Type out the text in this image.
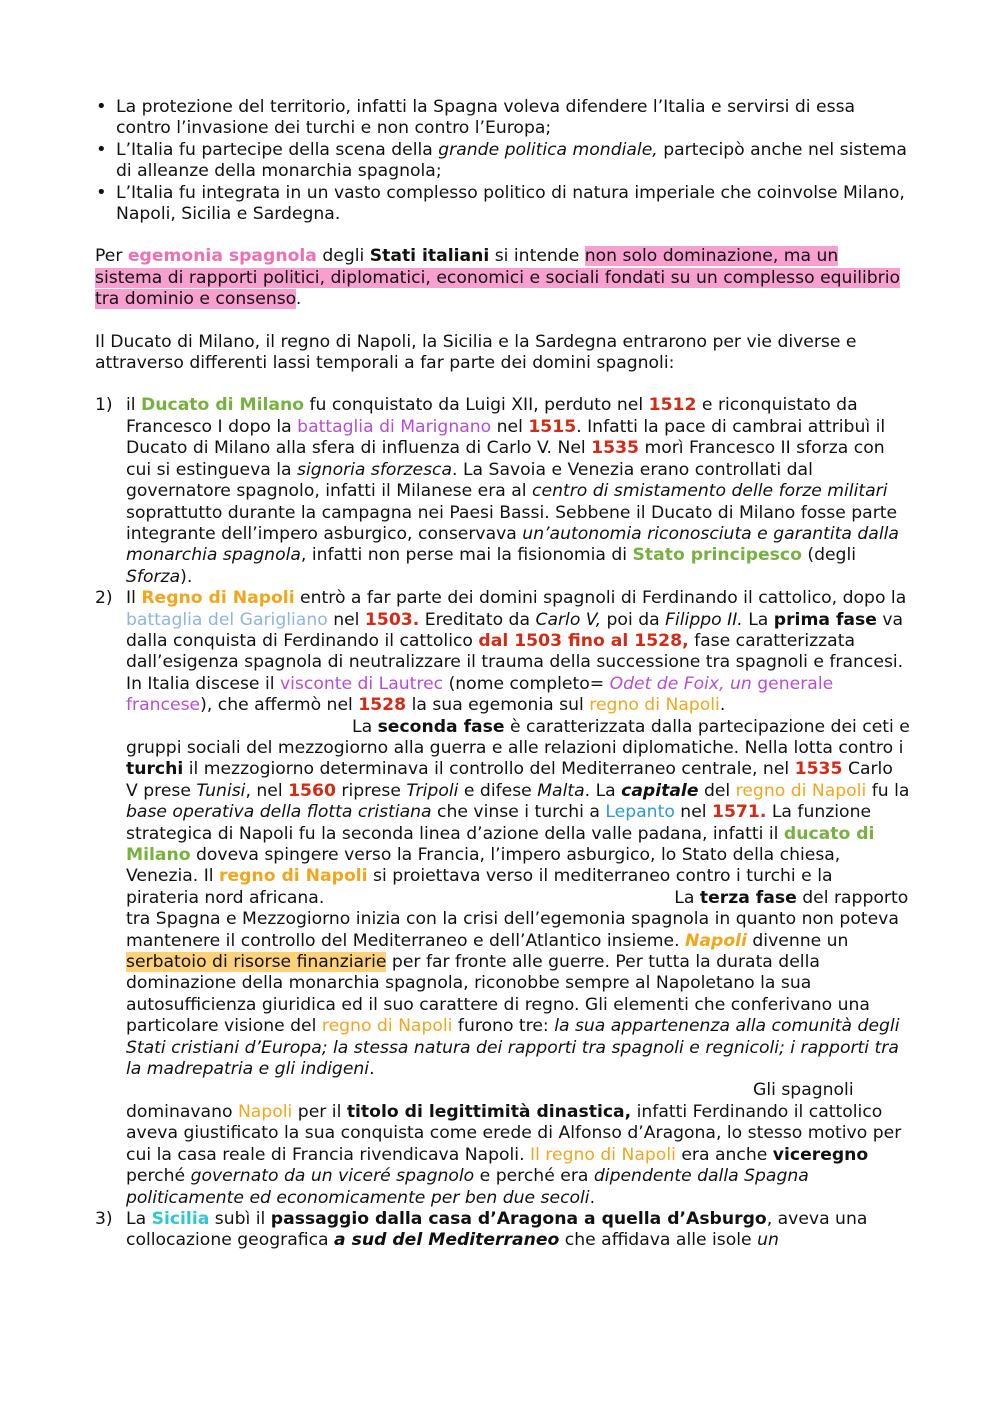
• La protezione del territorio, infatti la Spagna voleva difendere l’Italia e servirsi di essa contro l’invasione dei turchi e non contro l’Europa;
• L’Italia fu partecipe della scena della grande politica mondiale, partecipò anche nel sistema di alleanze della monarchia spagnola;
• L’Italia fu integrata in un vasto complesso politico di natura imperiale che coinvolse Milano, Napoli, Sicilia e Sardegna.

Per egemonia spagnola degli Stati italiani si intende non solo dominazione, ma un sistema di rapporti politici, diplomatici, economici e sociali fondati su un complesso equilibrio tra dominio e consenso.

Il Ducato di Milano, il regno di Napoli, la Sicilia e la Sardegna entrarono per vie diverse e attraverso differenti lassi temporali a far parte dei domini spagnoli:

1) il Ducato di Milano fu conquistato da Luigi XII, perduto nel 1512 e riconquistato da Francesco I dopo la battaglia di Marignano nel 1515. Infatti la pace di cambrai attribuì il Ducato di Milano alla sfera di influenza di Carlo V. Nel 1535 morì Francesco II sforza con cui si estingueva la signoria sforzesca. La Savoia e Venezia erano controllati dal governatore spagnolo, infatti il Milanese era al centro di smistamento delle forze militari soprattutto durante la campagna nei Paesi Bassi. Sebbene il Ducato di Milano fosse parte integrante dell’impero asburgico, conservava un’autonomia riconosciuta e garantita dalla monarchia spagnola, infatti non perse mai la fisionomia di Stato principesco (degli Sforza).
2) Il Regno di Napoli entrò a far parte dei domini spagnoli di Ferdinando il cattolico, dopo la battaglia del Garigliano nel 1503. Ereditato da Carlo V, poi da Filippo II. La prima fase va dalla conquista di Ferdinando il cattolico dal 1503 fino al 1528, fase caratterizzata dall’esigenza spagnola di neutralizzare il trauma della successione tra spagnoli e francesi. In Italia discese il visconte di Lautrec (nome completo= Odet de Foix, un generale francese), che affermò nel 1528 la sua egemonia sul regno di Napoli.La seconda fase è caratterizzata dalla partecipazione dei ceti e gruppi sociali del mezzogiorno alla guerra e alle relazioni diplomatiche. Nella lotta contro i turchi il mezzogiorno determinava il controllo del Mediterraneo centrale, nel 1535 Carlo V prese Tunisi, nel 1560 riprese Tripoli e difese Malta. La capitale del regno di Napoli fu la base operativa della flotta cristiana che vinse i turchi a Lepanto nel 1571. La funzione strategica di Napoli fu la seconda linea d’azione della valle padana, infatti il ducato di Milano doveva spingere verso la Francia, l’impero asburgico, lo Stato della chiesa, Venezia. Il regno di Napoli si proiettava verso il mediterraneo contro i turchi e la pirateria nord africana.	La terza fase del rapporto tra Spagna e Mezzogiorno inizia con la crisi dell’egemonia spagnola in quanto non poteva mantenere il controllo del Mediterraneo e dell’Atlantico insieme. Napoli divenne un serbatoio di risorse finanziarie per far fronte alle guerre. Per tutta la durata della dominazione della monarchia spagnola, riconobbe sempre al Napoletano la sua autosufficienza giuridica ed il suo carattere di regno. Gli elementi che conferivano una particolare visione del regno di Napoli furono tre: la sua appartenenza alla comunità degli Stati cristiani d’Europa; la stessa natura dei rapporti tra spagnoli e regnicoli; i rapporti tra la madrepatria e gli indigeni.Gli spagnoli dominavano Napoli per il titolo di legittimità dinastica, infatti Ferdinando il cattolico aveva giustificato la sua conquista come erede di Alfonso d’Aragona, lo stesso motivo per cui la casa reale di Francia rivendicava Napoli. Il regno di Napoli era anche viceregno perché governato da un viceré spagnolo e perché era dipendente dalla Spagna politicamente ed economicamente per ben due secoli.
3) La Sicilia subì il passaggio dalla casa d’Aragona a quella d’Asburgo, aveva una collocazione geografica a sud del Mediterraneo che affidava alle isole un
